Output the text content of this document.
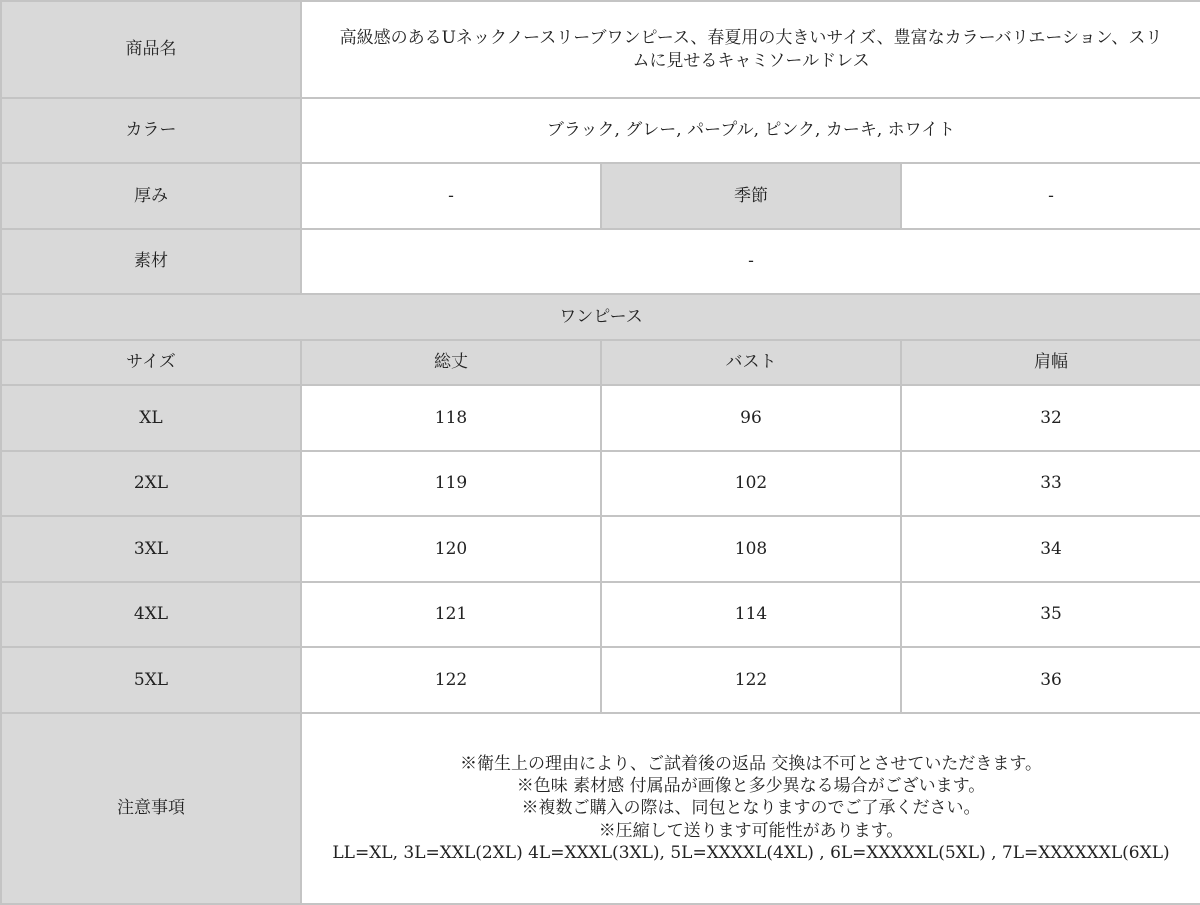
商品名	高級感のあるUネックノースリーブワンピース、春夏用の大きいサイズ、豊富なカラーバリエーション、スリ
ムに見せるキャミソールドレス		

カラー	ブラック, グレー, パープル, ピンク, カーキ, ホワイト		
厚み	-	季節	-
素材	-		
ワンピース			
サイズ	総丈	バスト	肩幅
XL	118	96	32
2XL	119	102	33
3XL	120	108	34
4XL	121	114	35
5XL	122	122	36
注意事項	※衛生上の理由により、ご試着後の返品 交換は不可とさせていただきます。
※色味 素材感 付属品が画像と多少異なる場合がございます。
※複数ご購入の際は、同包となりますのでご了承ください。
※圧縮して送ります可能性があります。
LL=XL, 3L=XXL(2XL) 4L=XXXL(3XL), 5L=XXXXL(4XL) , 6L=XXXXXL(5XL) , 7L=XXXXXXL(6XL)		
